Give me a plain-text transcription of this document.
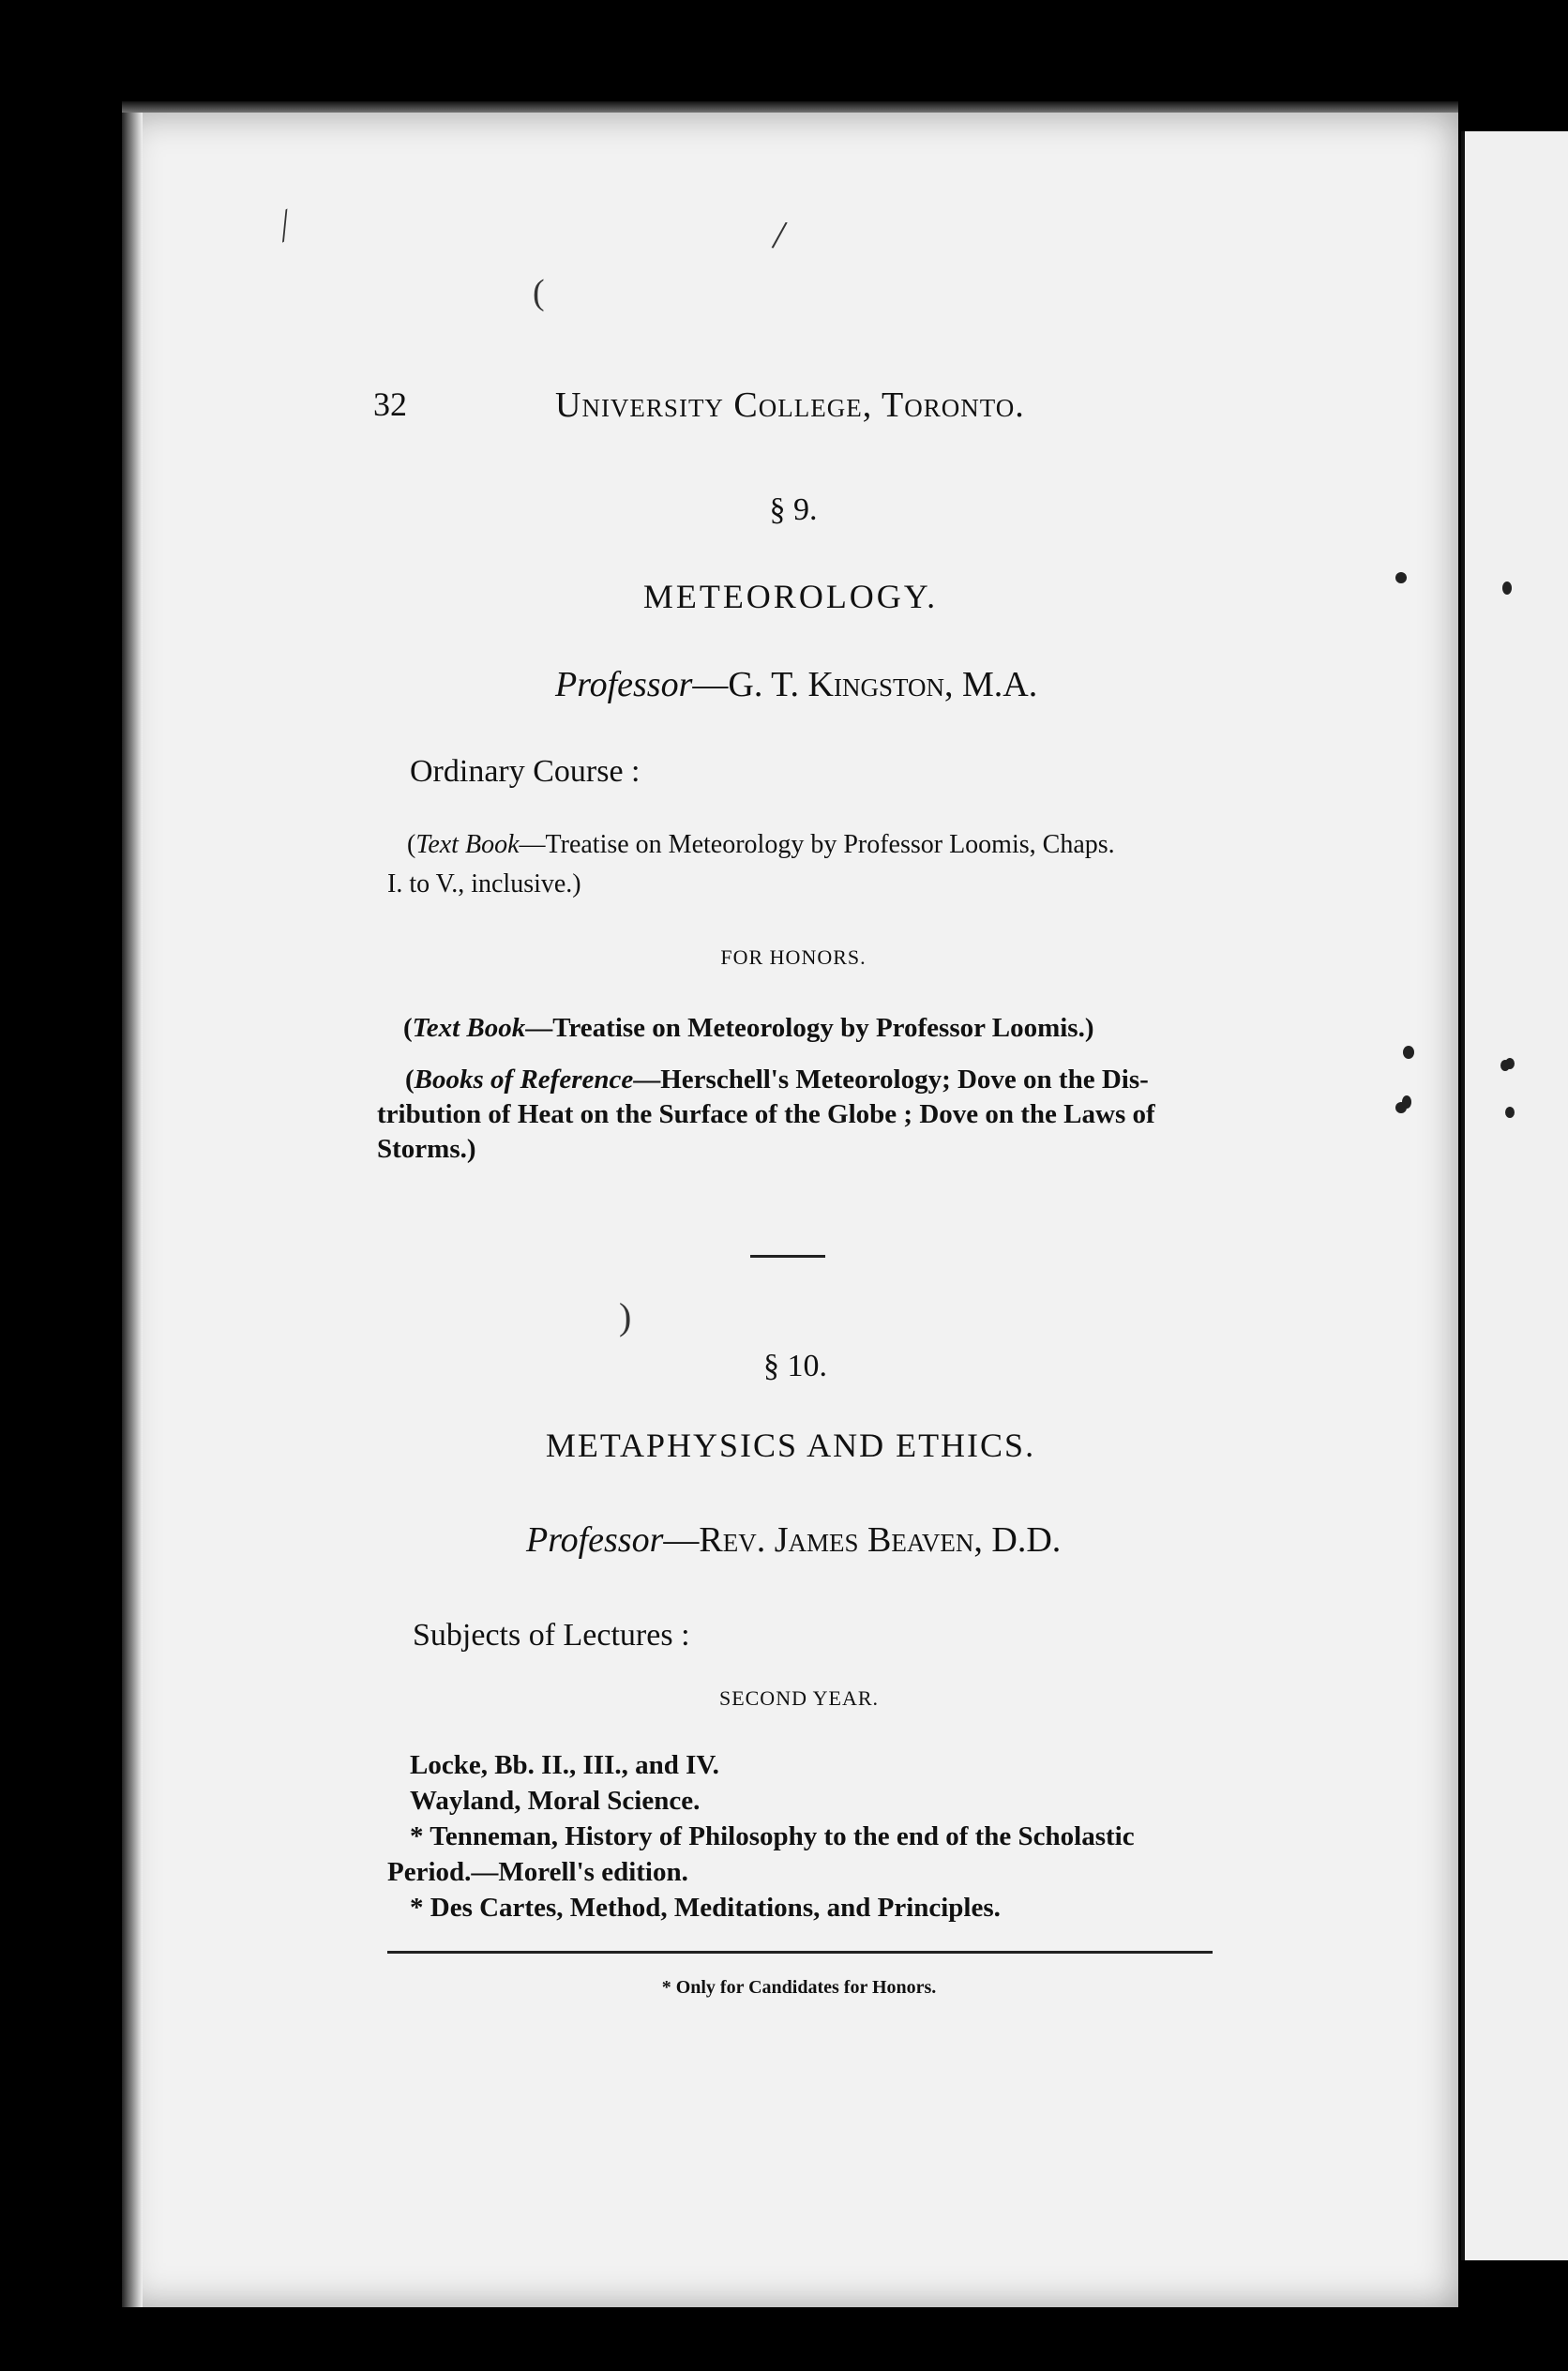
⁄	/
(
)
32	University College, Toronto.
§ 9.
METEOROLOGY.
Professor—G. T. Kingston, M.A.
Ordinary Course :
(Text Book—Treatise on Meteorology by Professor Loomis, Chaps.
I. to V., inclusive.)
FOR HONORS.
(Text Book—Treatise on Meteorology by Professor Loomis.)
(Books of Reference—Herschell's Meteorology; Dove on the Dis-
tribution of Heat on the Surface of the Globe ; Dove on the Laws of
Storms.)
§ 10.
METAPHYSICS AND ETHICS.
Professor—Rev. James Beaven, D.D.
Subjects of Lectures :
SECOND YEAR.
Locke, Bb. II., III., and IV.
Wayland, Moral Science.
* Tenneman, History of Philosophy to the end of the Scholastic
Period.—Morell's edition.
* Des Cartes, Method, Meditations, and Principles.
* Only for Candidates for Honors.
